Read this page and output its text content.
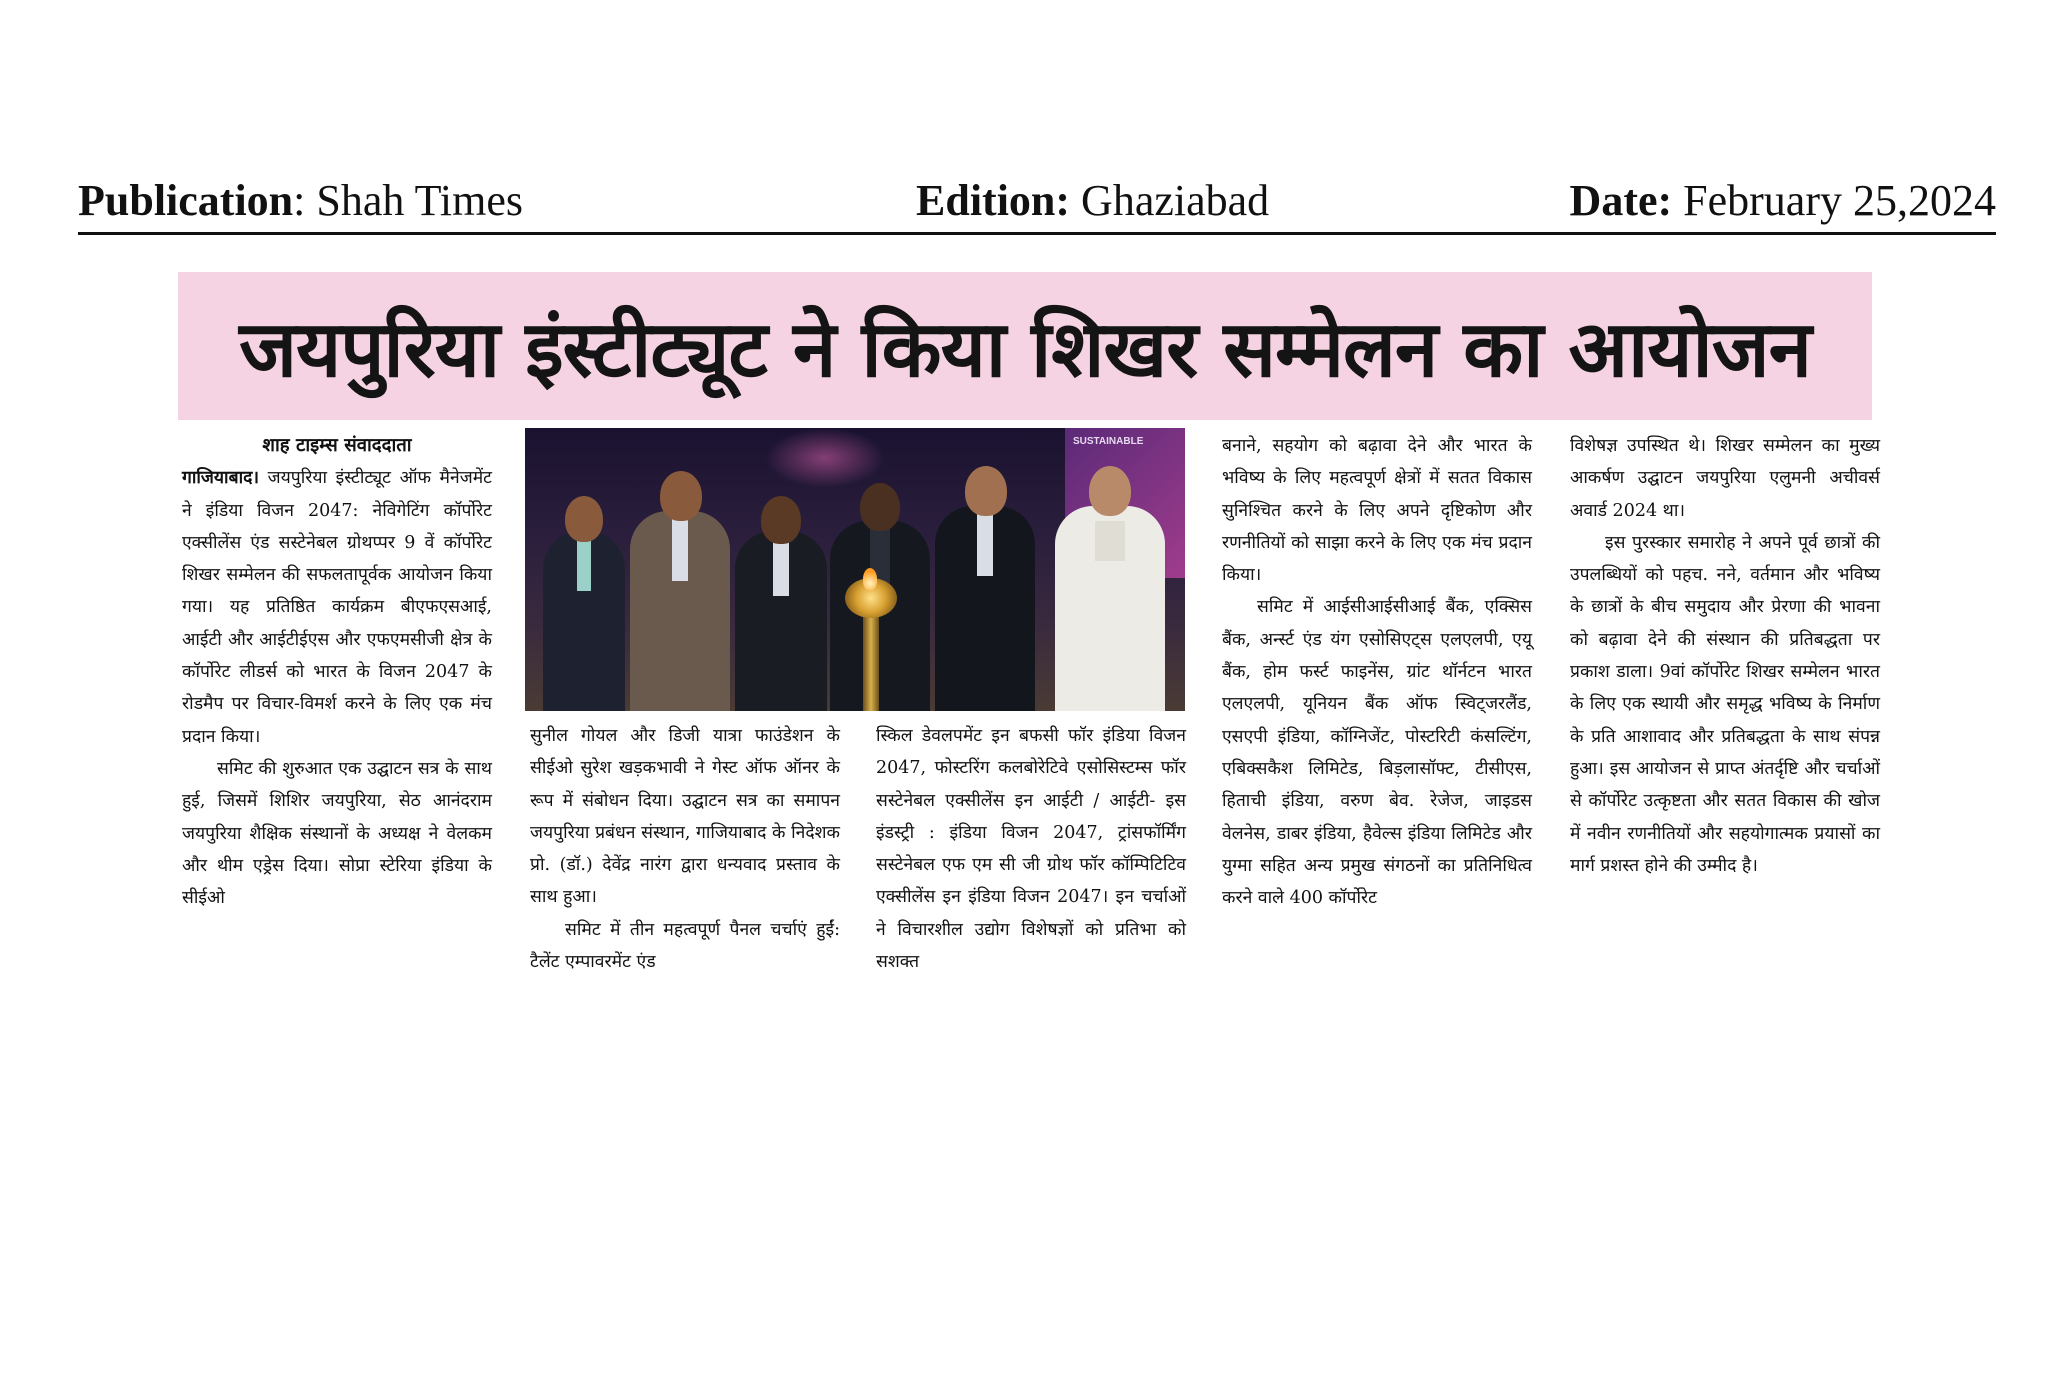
Publication: Shah Times	Edition: Ghaziabad	Date: February 25,2024
जयपुरिया इंस्टीट्यूट ने किया शिखर सम्मेलन का आयोजन

शाह टाइम्स संवाददाता

गाजियाबाद। जयपुरिया इंस्टीट्यूट ऑफ मैनेजमेंट ने इंडिया विजन 2047: नेविगेटिंग कॉर्पोरेट एक्सीलेंस एंड सस्टेनेबल ग्रोथप्पर 9 वें कॉर्पोरेट शिखर सम्मेलन की सफलतापूर्वक आयोजन किया गया। यह प्रतिष्ठित कार्यक्रम बीएफएसआई, आईटी और आईटीईएस और एफएमसीजी क्षेत्र के कॉर्पोरेट लीडर्स को भारत के विजन 2047 के रोडमैप पर विचार-विमर्श करने के लिए एक मंच प्रदान किया।

समिट की शुरुआत एक उद्घाटन सत्र के साथ हुई, जिसमें शिशिर जयपुरिया, सेठ आनंदराम जयपुरिया शैक्षिक संस्थानों के अध्यक्ष ने वेलकम और थीम एड्रेस दिया। सोप्रा स्टेरिया इंडिया के सीईओ

SUSTAINABLE

सुनील गोयल और डिजी यात्रा फाउंडेशन के सीईओ सुरेश खड़कभावी ने गेस्ट ऑफ ऑनर के रूप में संबोधन दिया। उद्घाटन सत्र का समापन जयपुरिया प्रबंधन संस्थान, गाजियाबाद के निदेशक प्रो. (डॉ.) देवेंद्र नारंग द्वारा धन्यवाद प्रस्ताव के साथ हुआ।

समिट में तीन महत्वपूर्ण पैनल चर्चाएं हुईं: टैलेंट एम्पावरमेंट एंड

स्किल डेवलपमेंट इन बफसी फॉर इंडिया विजन 2047, फोस्टरिंग कलबोरेटिवे एसोसिस्टम्स फॉर सस्टेनेबल एक्सीलेंस इन आईटी / आईटी- इस इंडस्ट्री : इंडिया विजन 2047, ट्रांसफॉर्मिंग सस्टेनेबल एफ एम सी जी ग्रोथ फॉर कॉम्पिटिटिव एक्सीलेंस इन इंडिया विजन 2047। इन चर्चाओं ने विचारशील उद्योग विशेषज्ञों को प्रतिभा को सशक्त

बनाने, सहयोग को बढ़ावा देने और भारत के भविष्य के लिए महत्वपूर्ण क्षेत्रों में सतत विकास सुनिश्चित करने के लिए अपने दृष्टिकोण और रणनीतियों को साझा करने के लिए एक मंच प्रदान किया।

समिट में आईसीआईसीआई बैंक, एक्सिस बैंक, अर्न्स्ट एंड यंग एसोसिएट्स एलएलपी, एयू बैंक, होम फर्स्ट फाइनेंस, ग्रांट थॉर्नटन भारत एलएलपी, यूनियन बैंक ऑफ स्विट्जरलैंड, एसएपी इंडिया, कॉग्निजेंट, पोस्टरिटी कंसल्टिंग, एबिक्सकैश लिमिटेड, बिड़लासॉफ्ट, टीसीएस, हिताची इंडिया, वरुण बेव. रेजेज, जाइडस वेलनेस, डाबर इंडिया, हैवेल्स इंडिया लिमिटेड और युग्मा सहित अन्य प्रमुख संगठनों का प्रतिनिधित्व करने वाले 400 कॉर्पोरेट

विशेषज्ञ उपस्थित थे। शिखर सम्मेलन का मुख्य आकर्षण उद्घाटन जयपुरिया एलुमनी अचीवर्स अवार्ड 2024 था।

इस पुरस्कार समारोह ने अपने पूर्व छात्रों की उपलब्धियों को पहच. नने, वर्तमान और भविष्य के छात्रों के बीच समुदाय और प्रेरणा की भावना को बढ़ावा देने की संस्थान की प्रतिबद्धता पर प्रकाश डाला। 9वां कॉर्पोरेट शिखर सम्मेलन भारत के लिए एक स्थायी और समृद्ध भविष्य के निर्माण के प्रति आशावाद और प्रतिबद्धता के साथ संपन्न हुआ। इस आयोजन से प्राप्त अंतर्दृष्टि और चर्चाओं से कॉर्पोरेट उत्कृष्टता और सतत विकास की खोज में नवीन रणनीतियों और सहयोगात्मक प्रयासों का मार्ग प्रशस्त होने की उम्मीद है।
